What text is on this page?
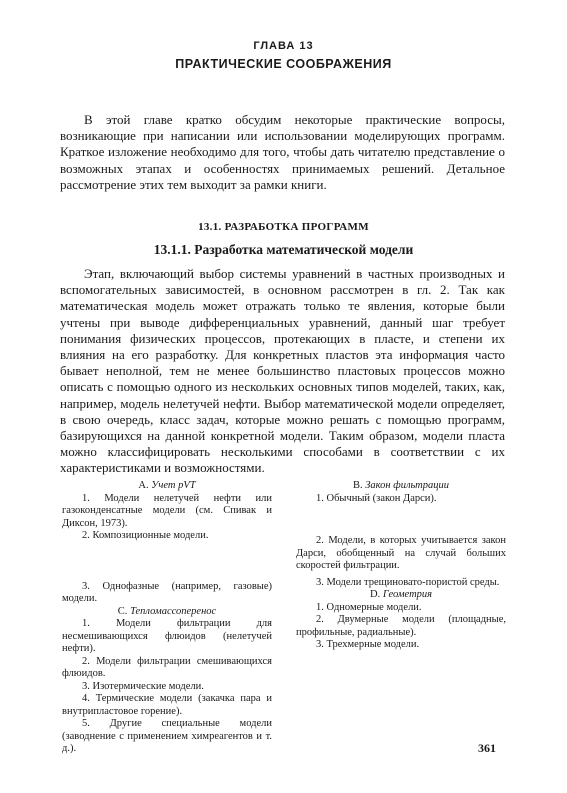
ГЛАВА 13
ПРАКТИЧЕСКИЕ СООБРАЖЕНИЯ

В этой главе кратко обсудим некоторые практические вопросы, возникающие при написании или использовании моделирующих программ. Краткое изложение необходимо для того, чтобы дать читателю представление о возможных этапах и особенностях принимаемых решений. Детальное рассмотрение этих тем выходит за рамки книги.

13.1. РАЗРАБОТКА ПРОГРАММ
13.1.1. Разработка математической модели

Этап, включающий выбор системы уравнений в частных производных и вспомогательных зависимостей, в основном рассмотрен в гл. 2. Так как математическая модель может отражать только те явления, которые были учтены при выводе дифференциальных уравнений, данный шаг требует понимания физических процессов, протекающих в пласте, и степени их влияния на его разработку. Для конкретных пластов эта информация часто бывает неполной, тем не менее большинство пластовых процессов можно описать с помощью одного из нескольких основных типов моделей, таких, как, например, модель нелетучей нефти. Выбор математической модели определяет, в свою очередь, класс задач, которые можно решать с помощью программ, базирующихся на данной конкретной модели. Таким образом, модели пласта можно классифицировать несколькими способами в соответствии с их характеристиками и возможностями.

A. Учет pVT

1. Модели нелетучей нефти или газоконденсатные модели (см. Спивак и Диксон, 1973).

2. Композиционные модели.

3. Однофазные (например, газовые) модели.

C. Тепломассоперенос

1. Модели фильтрации для несмешивающихся флюидов (нелетучей нефти).

2. Модели фильтрации смешивающихся флюидов.

3. Изотермические модели.

4. Термические модели (закачка пара и внутрипластовое горение).

5. Другие специальные модели (заводнение с применением химреагентов и т. д.).

B. Закон фильтрации

1. Обычный (закон Дарси).

2. Модели, в которых учитывается закон Дарси, обобщенный на случай больших скоростей фильтрации.

3. Модели трещиновато-пористой среды.

D. Геометрия

1. Одномерные модели.

2. Двумерные модели (площадные, профильные, радиальные).

3. Трехмерные модели.

361
